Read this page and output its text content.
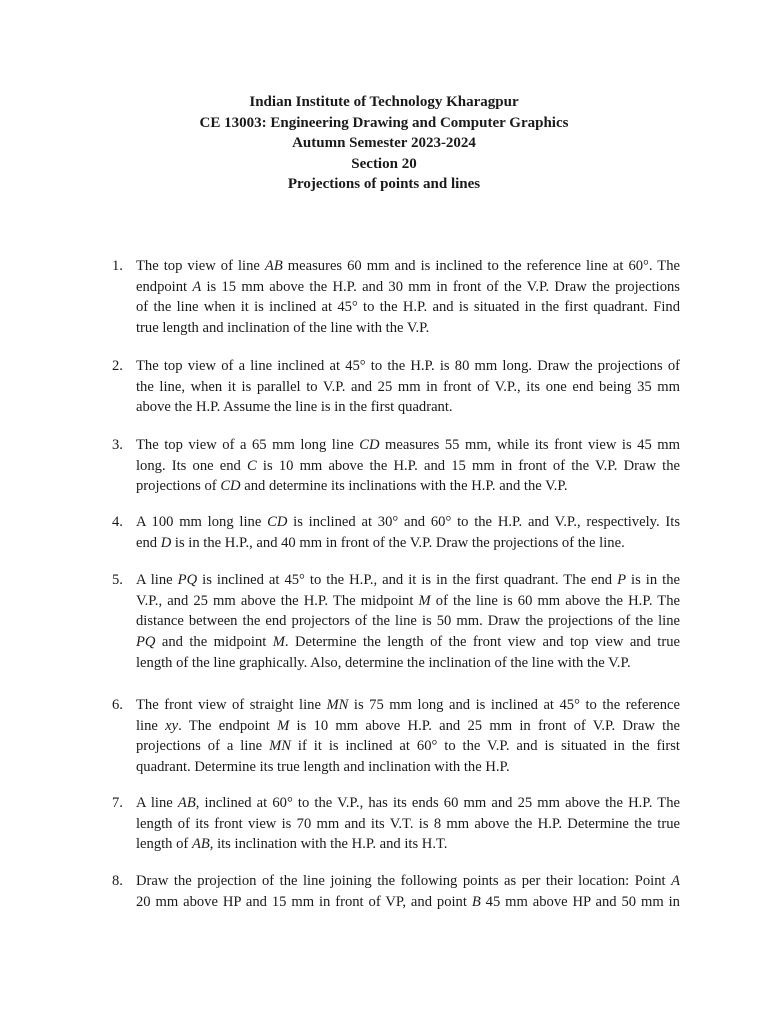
Indian Institute of Technology Kharagpur
CE 13003: Engineering Drawing and Computer Graphics
Autumn Semester 2023-2024
Section 20
Projections of points and lines
1. The top view of line AB measures 60 mm and is inclined to the reference line at 60°. The
endpoint A is 15 mm above the H.P. and 30 mm in front of the V.P. Draw the projections
of the line when it is inclined at 45° to the H.P. and is situated in the first quadrant. Find
true length and inclination of the line with the V.P.
2. The top view of a line inclined at 45° to the H.P. is 80 mm long. Draw the projections of
the line, when it is parallel to V.P. and 25 mm in front of V.P., its one end being 35 mm
above the H.P. Assume the line is in the first quadrant.
3. The top view of a 65 mm long line CD measures 55 mm, while its front view is 45 mm
long. Its one end C is 10 mm above the H.P. and 15 mm in front of the V.P. Draw the
projections of CD and determine its inclinations with the H.P. and the V.P.
4. A 100 mm long line CD is inclined at 30° and 60° to the H.P. and V.P., respectively. Its
end D is in the H.P., and 40 mm in front of the V.P. Draw the projections of the line.
5. A line PQ is inclined at 45° to the H.P., and it is in the first quadrant. The end P is in the
V.P., and 25 mm above the H.P. The midpoint M of the line is 60 mm above the H.P. The
distance between the end projectors of the line is 50 mm. Draw the projections of the line
PQ and the midpoint M. Determine the length of the front view and top view and true
length of the line graphically. Also, determine the inclination of the line with the V.P.
6. The front view of straight line MN is 75 mm long and is inclined at 45° to the reference
line xy. The endpoint M is 10 mm above H.P. and 25 mm in front of V.P. Draw the
projections of a line MN if it is inclined at 60° to the V.P. and is situated in the first
quadrant. Determine its true length and inclination with the H.P.
7. A line AB, inclined at 60° to the V.P., has its ends 60 mm and 25 mm above the H.P. The
length of its front view is 70 mm and its V.T. is 8 mm above the H.P. Determine the true
length of AB, its inclination with the H.P. and its H.T.
8. Draw the projection of the line joining the following points as per their location: Point A
20 mm above HP and 15 mm in front of VP, and point B 45 mm above HP and 50 mm in
